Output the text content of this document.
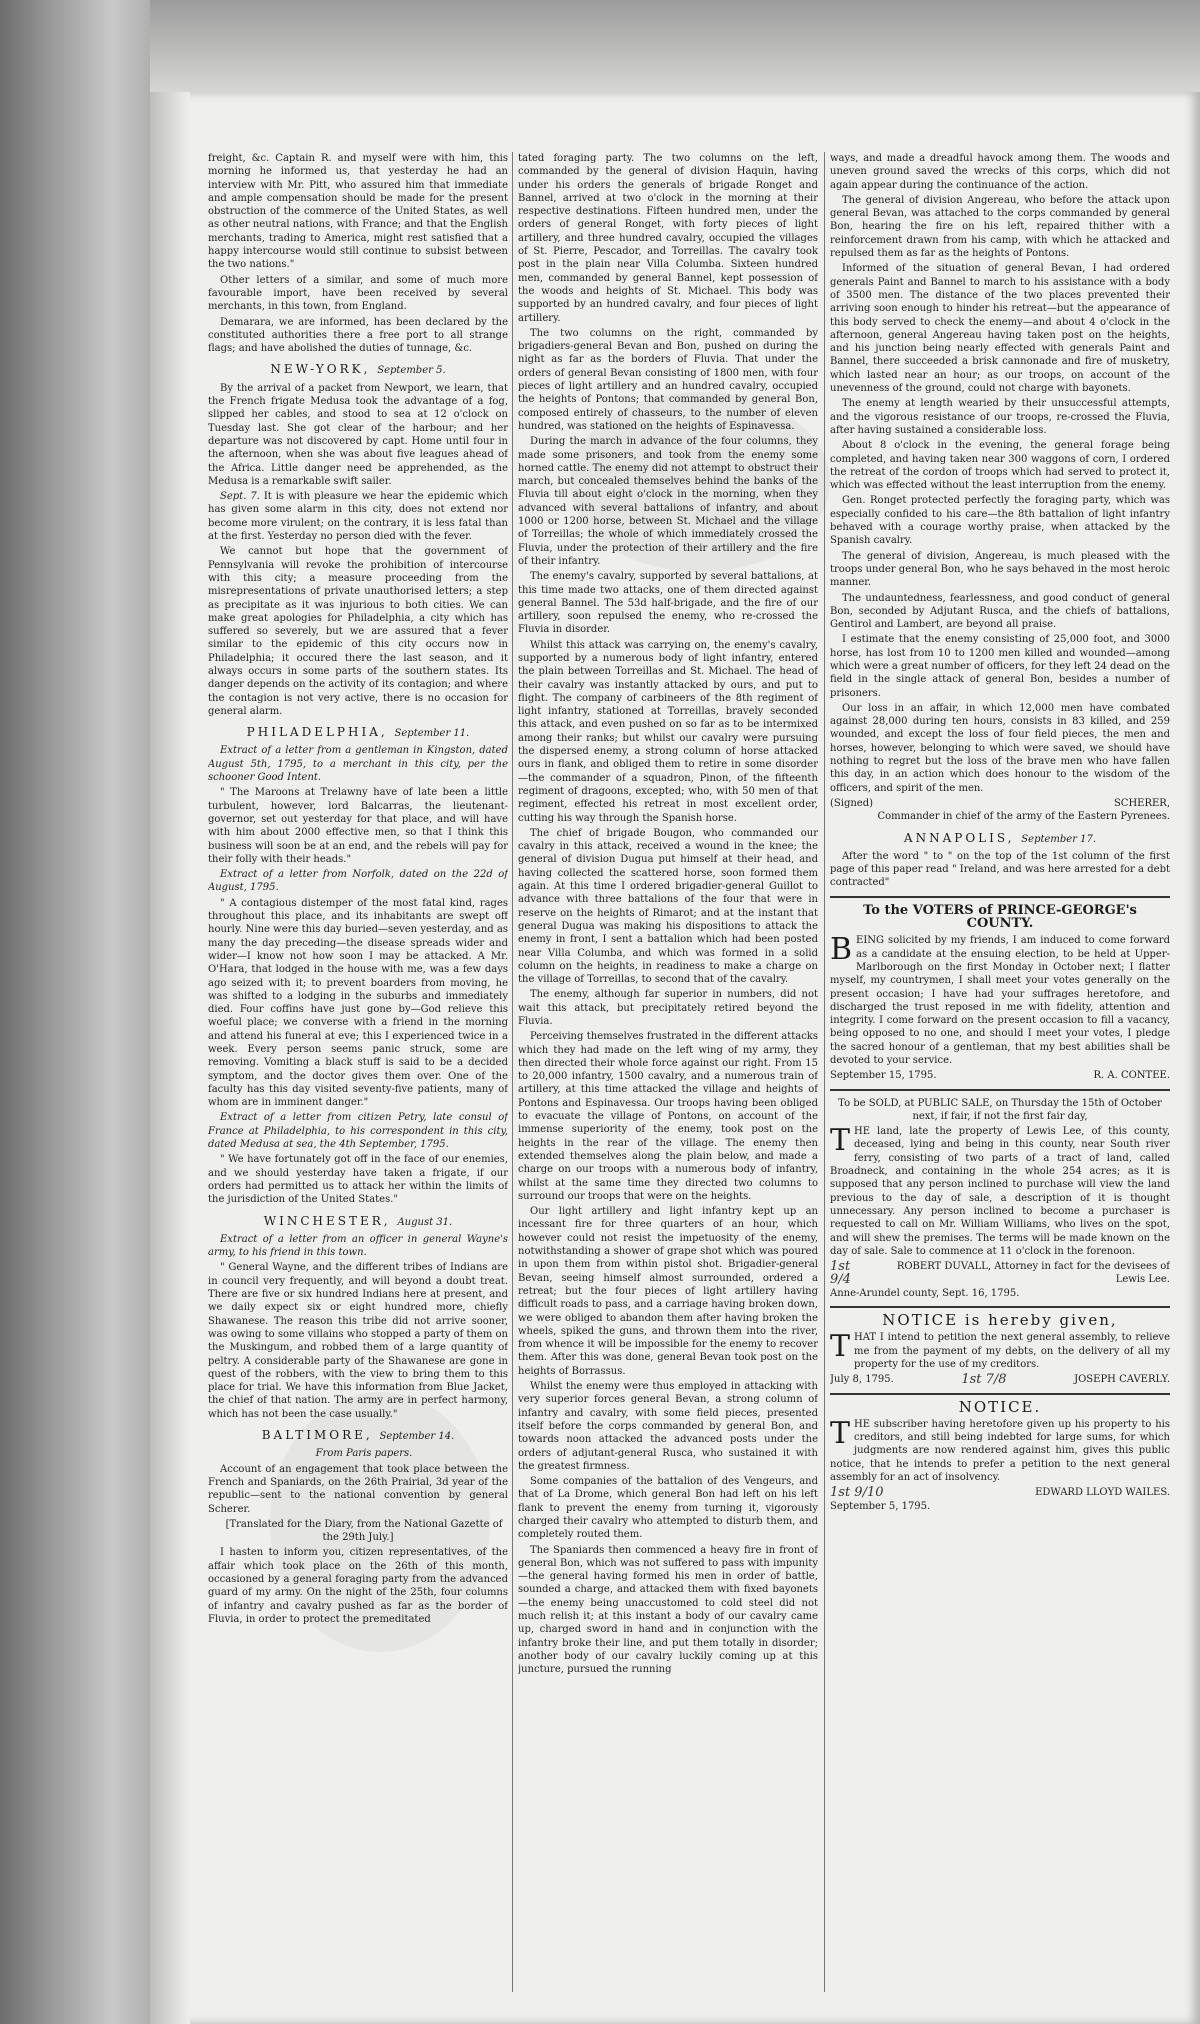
freight, &c. Captain R. and myself were with him, this morning he informed us, that yesterday he had an interview with Mr. Pitt, who assured him that immediate and ample compensation should be made for the present obstruction of the commerce of the United States, as well as other neutral nations, with France; and that the English merchants, trading to America, might rest satisfied that a happy intercourse would still continue to subsist between the two nations."

Other letters of a similar, and some of much more favourable import, have been received by several merchants, in this town, from England.

Demarara, we are informed, has been declared by the constituted authorities there a free port to all strange flags; and have abolished the duties of tunnage, &c.

NEW-YORK, September 5.

By the arrival of a packet from Newport, we learn, that the French frigate Medusa took the advantage of a fog, slipped her cables, and stood to sea at 12 o'clock on Tuesday last. She got clear of the harbour; and her departure was not discovered by capt. Home until four in the afternoon, when she was about five leagues ahead of the Africa. Little danger need be apprehended, as the Medusa is a remarkable swift sailer.

Sept. 7. It is with pleasure we hear the epidemic which has given some alarm in this city, does not extend nor become more virulent; on the contrary, it is less fatal than at the first. Yesterday no person died with the fever.

We cannot but hope that the government of Pennsylvania will revoke the prohibition of intercourse with this city; a measure proceeding from the misrepresentations of private unauthorised letters; a step as precipitate as it was injurious to both cities. We can make great apologies for Philadelphia, a city which has suffered so severely, but we are assured that a fever similar to the epidemic of this city occurs now in Philadelphia; it occured there the last season, and it always occurs in some parts of the southern states. Its danger depends on the activity of its contagion; and where the contagion is not very active, there is no occasion for general alarm.

PHILADELPHIA, September 11.

Extract of a letter from a gentleman in Kingston, dated August 5th, 1795, to a merchant in this city, per the schooner Good Intent.

" The Maroons at Trelawny have of late been a little turbulent, however, lord Balcarras, the lieutenant-governor, set out yesterday for that place, and will have with him about 2000 effective men, so that I think this business will soon be at an end, and the rebels will pay for their folly with their heads."

Extract of a letter from Norfolk, dated on the 22d of August, 1795.

" A contagious distemper of the most fatal kind, rages throughout this place, and its inhabitants are swept off hourly. Nine were this day buried—seven yesterday, and as many the day preceding—the disease spreads wider and wider—I know not how soon I may be attacked. A Mr. O'Hara, that lodged in the house with me, was a few days ago seized with it; to prevent boarders from moving, he was shifted to a lodging in the suburbs and immediately died. Four coffins have just gone by—God relieve this woeful place; we converse with a friend in the morning and attend his funeral at eve; this I experienced twice in a week. Every person seems panic struck, some are removing. Vomiting a black stuff is said to be a decided symptom, and the doctor gives them over. One of the faculty has this day visited seventy-five patients, many of whom are in imminent danger."

Extract of a letter from citizen Petry, late consul of France at Philadelphia, to his correspondent in this city, dated Medusa at sea, the 4th September, 1795.

" We have fortunately got off in the face of our enemies, and we should yesterday have taken a frigate, if our orders had permitted us to attack her within the limits of the jurisdiction of the United States."

WINCHESTER, August 31.

Extract of a letter from an officer in general Wayne's army, to his friend in this town.

" General Wayne, and the different tribes of Indians are in council very frequently, and will beyond a doubt treat. There are five or six hundred Indians here at present, and we daily expect six or eight hundred more, chiefly Shawanese. The reason this tribe did not arrive sooner, was owing to some villains who stopped a party of them on the Muskingum, and robbed them of a large quantity of peltry. A considerable party of the Shawanese are gone in quest of the robbers, with the view to bring them to this place for trial. We have this information from Blue Jacket, the chief of that nation. The army are in perfect harmony, which has not been the case usually."

BALTIMORE, September 14.

From Paris papers.

Account of an engagement that took place between the French and Spaniards, on the 26th Prairial, 3d year of the republic—sent to the national convention by general Scherer.

[Translated for the Diary, from the National Gazette of the 29th July.]

I hasten to inform you, citizen representatives, of the affair which took place on the 26th of this month, occasioned by a general foraging party from the advanced guard of my army. On the night of the 25th, four columns of infantry and cavalry pushed as far as the border of Fluvia, in order to protect the premeditated

tated foraging party. The two columns on the left, commanded by the general of division Haquin, having under his orders the generals of brigade Ronget and Bannel, arrived at two o'clock in the morning at their respective destinations. Fifteen hundred men, under the orders of general Ronget, with forty pieces of light artillery, and three hundred cavalry, occupied the villages of St. Pierre, Pescador, and Torreillas. The cavalry took post in the plain near Villa Columba. Sixteen hundred men, commanded by general Bannel, kept possession of the woods and heights of St. Michael. This body was supported by an hundred cavalry, and four pieces of light artillery.

The two columns on the right, commanded by brigadiers-general Bevan and Bon, pushed on during the night as far as the borders of Fluvia. That under the orders of general Bevan consisting of 1800 men, with four pieces of light artillery and an hundred cavalry, occupied the heights of Pontons; that commanded by general Bon, composed entirely of chasseurs, to the number of eleven hundred, was stationed on the heights of Espinavessa.

During the march in advance of the four columns, they made some prisoners, and took from the enemy some horned cattle. The enemy did not attempt to obstruct their march, but concealed themselves behind the banks of the Fluvia till about eight o'clock in the morning, when they advanced with several battalions of infantry, and about 1000 or 1200 horse, between St. Michael and the village of Torreillas; the whole of which immediately crossed the Fluvia, under the protection of their artillery and the fire of their infantry.

The enemy's cavalry, supported by several battalions, at this time made two attacks, one of them directed against general Bannel. The 53d half-brigade, and the fire of our artillery, soon repulsed the enemy, who re-crossed the Fluvia in disorder.

Whilst this attack was carrying on, the enemy's cavalry, supported by a numerous body of light infantry, entered the plain between Torreillas and St. Michael. The head of their cavalry was instantly attacked by ours, and put to flight. The company of carbineers of the 8th regiment of light infantry, stationed at Torreillas, bravely seconded this attack, and even pushed on so far as to be intermixed among their ranks; but whilst our cavalry were pursuing the dispersed enemy, a strong column of horse attacked ours in flank, and obliged them to retire in some disorder—the commander of a squadron, Pinon, of the fifteenth regiment of dragoons, excepted; who, with 50 men of that regiment, effected his retreat in most excellent order, cutting his way through the Spanish horse.

The chief of brigade Bougon, who commanded our cavalry in this attack, received a wound in the knee; the general of division Dugua put himself at their head, and having collected the scattered horse, soon formed them again. At this time I ordered brigadier-general Guillot to advance with three battalions of the four that were in reserve on the heights of Rimarot; and at the instant that general Dugua was making his dispositions to attack the enemy in front, I sent a battalion which had been posted near Villa Columba, and which was formed in a solid column on the heights, in readiness to make a charge on the village of Torreillas, to second that of the cavalry.

The enemy, although far superior in numbers, did not wait this attack, but precipitately retired beyond the Fluvia.

Perceiving themselves frustrated in the different attacks which they had made on the left wing of my army, they then directed their whole force against our right. From 15 to 20,000 infantry, 1500 cavalry, and a numerous train of artillery, at this time attacked the village and heights of Pontons and Espinavessa. Our troops having been obliged to evacuate the village of Pontons, on account of the immense superiority of the enemy, took post on the heights in the rear of the village. The enemy then extended themselves along the plain below, and made a charge on our troops with a numerous body of infantry, whilst at the same time they directed two columns to surround our troops that were on the heights.

Our light artillery and light infantry kept up an incessant fire for three quarters of an hour, which however could not resist the impetuosity of the enemy, notwithstanding a shower of grape shot which was poured in upon them from within pistol shot. Brigadier-general Bevan, seeing himself almost surrounded, ordered a retreat; but the four pieces of light artillery having difficult roads to pass, and a carriage having broken down, we were obliged to abandon them after having broken the wheels, spiked the guns, and thrown them into the river, from whence it will be impossible for the enemy to recover them. After this was done, general Bevan took post on the heights of Borrassus.

Whilst the enemy were thus employed in attacking with very superior forces general Bevan, a strong column of infantry and cavalry, with some field pieces, presented itself before the corps commanded by general Bon, and towards noon attacked the advanced posts under the orders of adjutant-general Rusca, who sustained it with the greatest firmness.

Some companies of the battalion of des Vengeurs, and that of La Drome, which general Bon had left on his left flank to prevent the enemy from turning it, vigorously charged their cavalry who attempted to disturb them, and completely routed them.

The Spaniards then commenced a heavy fire in front of general Bon, which was not suffered to pass with impunity—the general having formed his men in order of battle, sounded a charge, and attacked them with fixed bayonets—the enemy being unaccustomed to cold steel did not much relish it; at this instant a body of our cavalry came up, charged sword in hand and in conjunction with the infantry broke their line, and put them totally in disorder; another body of our cavalry luckily coming up at this juncture, pursued the running

ways, and made a dreadful havock among them. The woods and uneven ground saved the wrecks of this corps, which did not again appear during the continuance of the action.

The general of division Angereau, who before the attack upon general Bevan, was attached to the corps commanded by general Bon, hearing the fire on his left, repaired thither with a reinforcement drawn from his camp, with which he attacked and repulsed them as far as the heights of Pontons.

Informed of the situation of general Bevan, I had ordered generals Paint and Bannel to march to his assistance with a body of 3500 men. The distance of the two places prevented their arriving soon enough to hinder his retreat—but the appearance of this body served to check the enemy—and about 4 o'clock in the afternoon, general Angereau having taken post on the heights, and his junction being nearly effected with generals Paint and Bannel, there succeeded a brisk cannonade and fire of musketry, which lasted near an hour; as our troops, on account of the unevenness of the ground, could not charge with bayonets.

The enemy at length wearied by their unsuccessful attempts, and the vigorous resistance of our troops, re-crossed the Fluvia, after having sustained a considerable loss.

About 8 o'clock in the evening, the general forage being completed, and having taken near 300 waggons of corn, I ordered the retreat of the cordon of troops which had served to protect it, which was effected without the least interruption from the enemy.

Gen. Ronget protected perfectly the foraging party, which was especially confided to his care—the 8th battalion of light infantry behaved with a courage worthy praise, when attacked by the Spanish cavalry.

The general of division, Angereau, is much pleased with the troops under general Bon, who he says behaved in the most heroic manner.

The undauntedness, fearlessness, and good conduct of general Bon, seconded by Adjutant Rusca, and the chiefs of battalions, Gentirol and Lambert, are beyond all praise.

I estimate that the enemy consisting of 25,000 foot, and 3000 horse, has lost from 10 to 1200 men killed and wounded—among which were a great number of officers, for they left 24 dead on the field in the single attack of general Bon, besides a number of prisoners.

Our loss in an affair, in which 12,000 men have combated against 28,000 during ten hours, consists in 83 killed, and 259 wounded, and except the loss of four field pieces, the men and horses, however, belonging to which were saved, we should have nothing to regret but the loss of the brave men who have fallen this day, in an action which does honour to the wisdom of the officers, and spirit of the men.

(Signed)	SCHERER,

Commander in chief of the army of the Eastern Pyrenees.

ANNAPOLIS, September 17.

After the word " to " on the top of the 1st column of the first page of this paper read " Ireland, and was here arrested for a debt contracted"

To the VOTERS of PRINCE-GEORGE's COUNTY.

BEING solicited by my friends, I am induced to come forward as a candidate at the ensuing election, to be held at Upper-Marlborough on the first Monday in October next; I flatter myself, my countrymen, I shall meet your votes generally on the present occasion; I have had your suffrages heretofore, and discharged the trust reposed in me with fidelity, attention and integrity. I come forward on the present occasion to fill a vacancy, being opposed to no one, and should I meet your votes, I pledge the sacred honour of a gentleman, that my best abilities shall be devoted to your service.

September 15, 1795.	R. A. CONTEE.

To be SOLD, at PUBLIC SALE, on Thursday the 15th of October next, if fair, if not the first fair day,

THE land, late the property of Lewis Lee, of this county, deceased, lying and being in this county, near South river ferry, consisting of two parts of a tract of land, called Broadneck, and containing in the whole 254 acres; as it is supposed that any person inclined to purchase will view the land previous to the day of sale, a description of it is thought unnecessary. Any person inclined to become a purchaser is requested to call on Mr. William Williams, who lives on the spot, and will shew the premises. The terms will be made known on the day of sale. Sale to commence at 11 o'clock in the forenoon.

1st 9/4
ROBERT DUVALL, Attorney in fact for the devisees of Lewis Lee.

Anne-Arundel county, Sept. 16, 1795.

NOTICE is hereby given,

THAT I intend to petition the next general assembly, to relieve me from the payment of my debts, on the delivery of all my property for the use of my creditors.

July 8, 1795.	1st 7/8	JOSEPH CAVERLY.
NOTICE.

THE subscriber having heretofore given up his property to his creditors, and still being indebted for large sums, for which judgments are now rendered against him, gives this public notice, that he intends to prefer a petition to the next general assembly for an act of insolvency.

1st 9/10	EDWARD LLOYD WAILES.

September 5, 1795.
